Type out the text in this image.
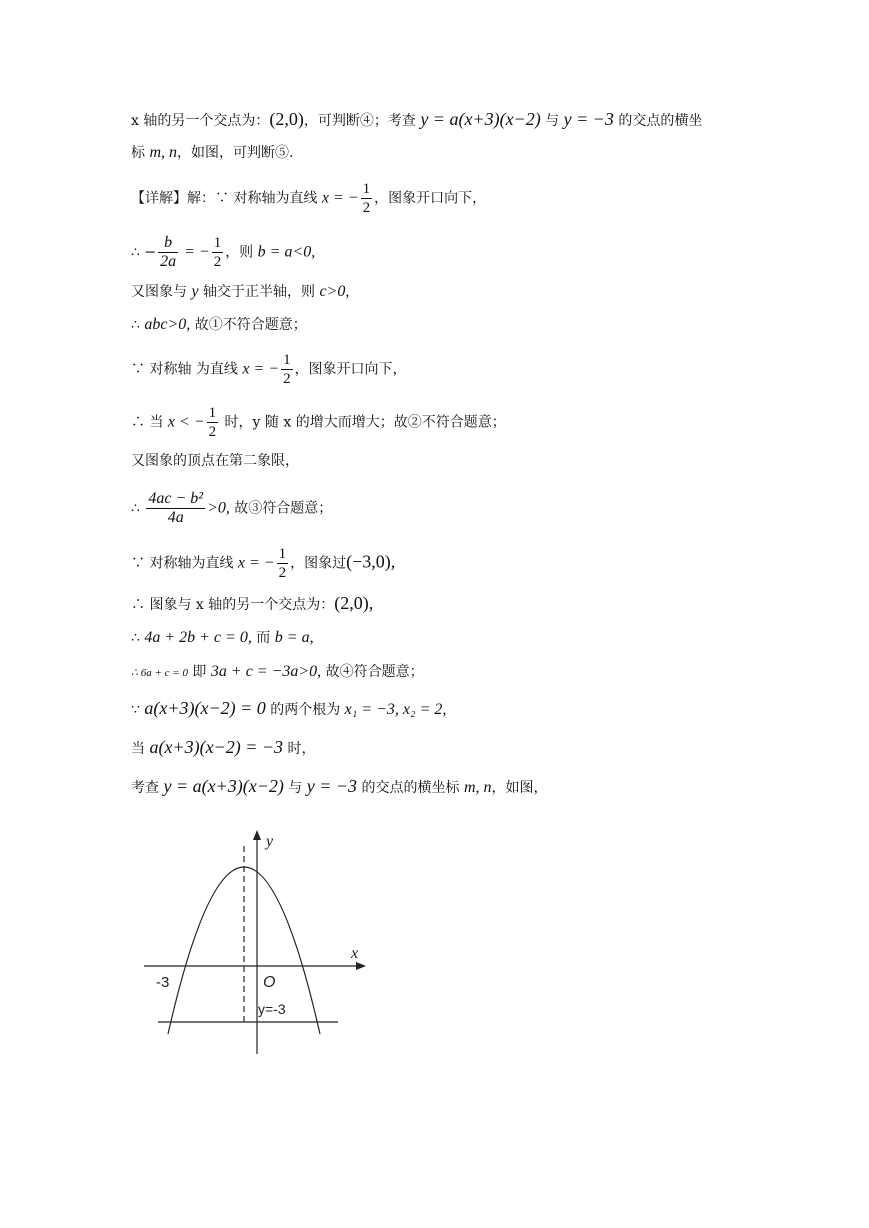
x 轴的另一个交点为：(2,0)，可判断④；考查 y = a(x+3)(x−2) 与 y = −3 的交点的横坐
标 m, n，如图，可判断⑤.
【详解】解：∵ 对称轴为直线 x = − $\frac{1}{2}$ ，图象开口向下，
∴ − $\frac{b}{2a}$ = − $\frac{1}{2}$ ，则 b = a<0,
又图象与 y 轴交于正半轴，则 c>0,
∴ abc>0, 故①不符合题意；
∵ 对称轴 为直线 x = − $\frac{1}{2}$ ，图象开口向下，
∴ 当 x < − $\frac{1}{2}$ 时，y 随 x 的增大而增大；故②不符合题意；
又图象的顶点在第二象限，
∴ $\frac{\text{4ac − b²}}{4a} >0$, 故③符合题意；
∵ 对称轴为直线 x = − $\frac{1}{2}$ ，图象过(−3,0),
∴ 图象与 x 轴的另一个交点为：(2,0),
∴ 4a + 2b + c = 0, 而 b = a,
∴ 6a + c = 0 即 3a + c = −3a>0, 故④符合题意；
∵ a(x+3)(x−2) = 0 的两个根为 x₁ = −3, x₂ = 2,
当 a(x+3)(x−2) = −3 时，
考查 y = a(x+3)(x−2) 与 y = −3 的交点的横坐标 m, n，如图，
y
x
O
-3
y=-3
